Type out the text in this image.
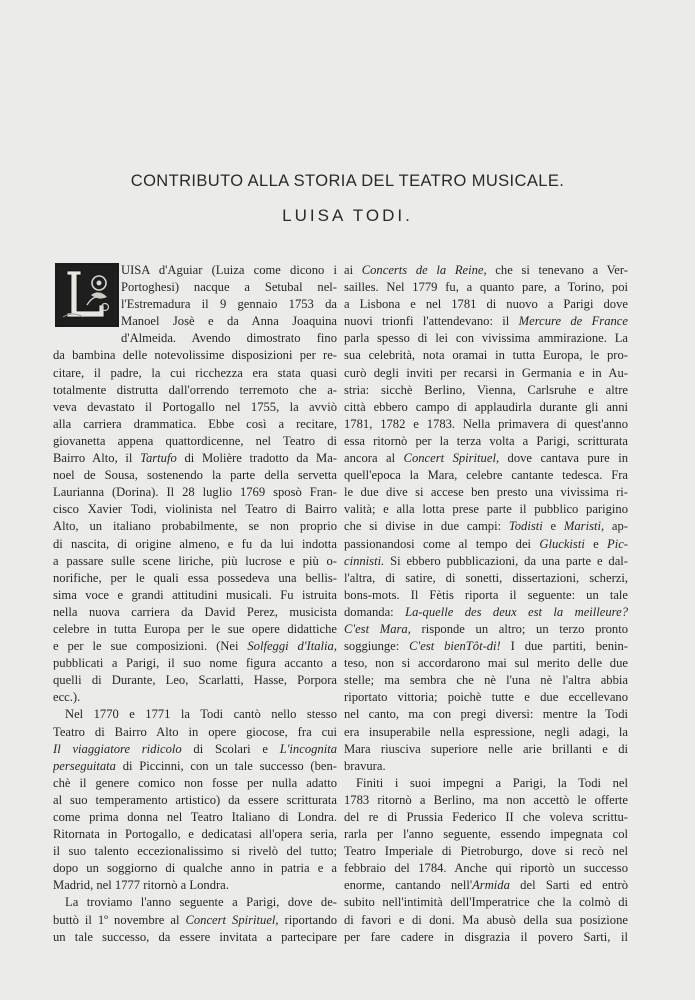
CONTRIBUTO ALLA STORIA DEL TEATRO MUSICALE.
LUISA TODI.
UISA d'Aguiar (Luiza come dicono i
Portoghesi) nacque a Setubal nel-
l'Estremadura il 9 gennaio 1753 da
Manoel Josè e da Anna Joaquina
d'Almeida. Avendo dimostrato fino
da bambina delle notevolissime disposizioni per re-
citare, il padre, la cui ricchezza era stata quasi
totalmente distrutta dall'orrendo terremoto che a-
veva devastato il Portogallo nel 1755, la avviò
alla carriera drammatica. Ebbe così a recitare,
giovanetta appena quattordicenne, nel Teatro di
Bairro Alto, il Tartufo di Molière tradotto da Ma-
noel de Sousa, sostenendo la parte della servetta
Laurianna (Dorina). Il 28 luglio 1769 sposò Fran-
cisco Xavier Todi, violinista nel Teatro di Bairro
Alto, un italiano probabilmente, se non proprio
di nascita, di origine almeno, e fu da lui indotta
a passare sulle scene liriche, più lucrose e più o-
norifiche, per le quali essa possedeva una bellis-
sima voce e grandi attitudini musicali. Fu istruita
nella nuova carriera da David Perez, musicista
celebre in tutta Europa per le sue opere didattiche
e per le sue composizioni. (Nei Solfeggi d'Italia,
pubblicati a Parigi, il suo nome figura accanto a
quelli di Durante, Leo, Scarlatti, Hasse, Porpora
ecc.).
Nel 1770 e 1771 la Todi cantò nello stesso
Teatro di Bairro Alto in opere giocose, fra cui
Il viaggiatore ridicolo di Scolari e L'incognita
perseguitata di Piccinni, con un tale successo (ben-
chè il genere comico non fosse per nulla adatto
al suo temperamento artistico) da essere scritturata
come prima donna nel Teatro Italiano di Londra.
Ritornata in Portogallo, e dedicatasi all'opera seria,
il suo talento eccezionalissimo si rivelò del tutto;
dopo un soggiorno di qualche anno in patria e a
Madrid, nel 1777 ritornò a Londra.
La troviamo l'anno seguente a Parigi, dove de-
buttò il 1º novembre al Concert Spirituel, riportando
un tale successo, da essere invitata a partecipare
ai Concerts de la Reine, che si tenevano a Ver-
sailles. Nel 1779 fu, a quanto pare, a Torino, poi
a Lisbona e nel 1781 di nuovo a Parigi dove
nuovi trionfi l'attendevano: il Mercure de France
parla spesso di lei con vivissima ammirazione. La
sua celebrità, nota oramai in tutta Europa, le pro-
curò degli inviti per recarsi in Germania e in Au-
stria: sicchè Berlino, Vienna, Carlsruhe e altre
città ebbero campo di applaudirla durante gli anni
1781, 1782 e 1783. Nella primavera di quest'anno
essa ritornò per la terza volta a Parigi, scritturata
ancora al Concert Spirituel, dove cantava pure in
quell'epoca la Mara, celebre cantante tedesca. Fra
le due dive si accese ben presto una vivissima ri-
valità; e alla lotta prese parte il pubblico parigino
che si divise in due campi: Todisti e Maristi, ap-
passionandosi come al tempo dei Gluckisti e Pic-
cinnisti. Si ebbero pubblicazioni, da una parte e dal-
l'altra, di satire, di sonetti, dissertazioni, scherzi,
bons-mots. Il Fètis riporta il seguente: un tale
domanda: La-quelle des deux est la meilleure?
C'est Mara, risponde un altro; un terzo pronto
soggiunge: C'est bienTôt-di! I due partiti, benin-
teso, non si accordarono mai sul merito delle due
stelle; ma sembra che nè l'una nè l'altra abbia
riportato vittoria; poichè tutte e due eccellevano
nel canto, ma con pregi diversi: mentre la Todi
era insuperabile nella espressione, negli adagi, la
Mara riusciva superiore nelle arie brillanti e di
bravura.
Finiti i suoi impegni a Parigi, la Todi nel
1783 ritornò a Berlino, ma non accettò le offerte
del re di Prussia Federico II che voleva scrittu-
rarla per l'anno seguente, essendo impegnata col
Teatro Imperiale di Pietroburgo, dove si recò nel
febbraio del 1784. Anche qui riportò un successo
enorme, cantando nell'Armida del Sarti ed entrò
subito nell'intimità dell'Imperatrice che la colmò di
di favori e di doni. Ma abusò della sua posizione
per fare cadere in disgrazia il povero Sarti, il
